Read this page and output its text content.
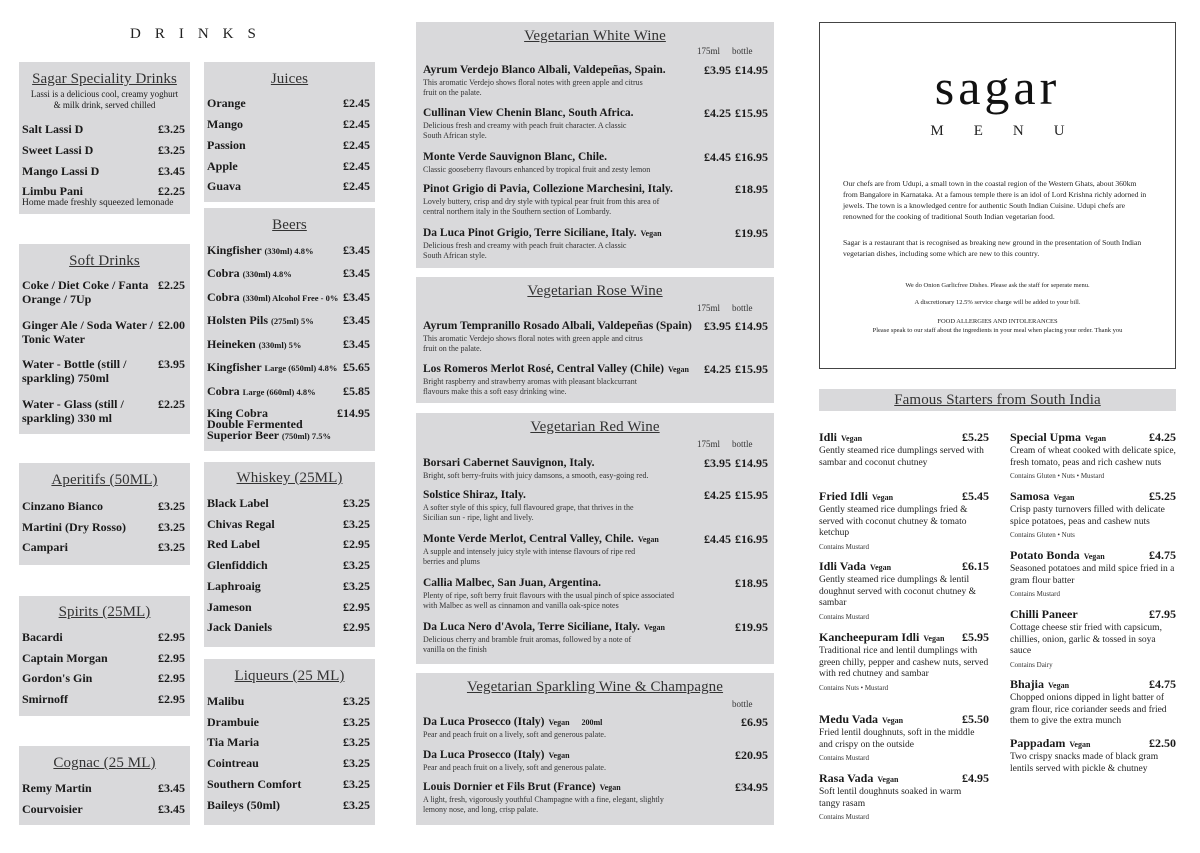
DRINKS
Sagar Speciality Drinks
Lassi is a delicious cool, creamy yoghurt & milk drink, served chilled
Salt Lassi D	£3.25
Sweet Lassi D	£3.25
Mango Lassi D	£3.45
Limbu Pani	£2.25
Home made freshly squeezed lemonade
Soft Drinks
Coke / Diet Coke / Fanta Orange / 7Up
£2.25
Ginger Ale / Soda Water / Tonic Water
£2.00
Water - Bottle (still / sparkling) 750ml
£3.95
Water - Glass (still / sparkling) 330 ml
£2.25
Aperitifs (50ML)
Cinzano Bianco	£3.25
Martini (Dry Rosso)	£3.25
Campari	£3.25
Spirits (25ML)
Bacardi	£2.95
Captain Morgan	£2.95
Gordon's Gin	£2.95
Smirnoff	£2.95
Cognac (25 ML)
Remy Martin	£3.45
Courvoisier	£3.45
Juices
Orange	£2.45
Mango	£2.45
Passion	£2.45
Apple	£2.45
Guava	£2.45
Beers
Kingfisher (330ml) 4.8% £3.45
Cobra (330ml) 4.8%	£3.45
Cobra (330ml) Alcohol Free - 0% £3.45
Holsten Pils (275ml) 5% £3.45
Heineken (330ml) 5%	£3.45
Kingfisher Large (650ml) 4.8% £5.65
Cobra Large (660ml) 4.8% £5.85
King Cobra
Double Fermented
Superior Beer (750ml) 7.5%
£14.95
Whiskey (25ML)
Black Label	£3.25
Chivas Regal	£3.25
Red Label	£2.95
Glenfiddich	£3.25
Laphroaig	£3.25
Jameson	£2.95
Jack Daniels	£2.95
Liqueurs (25 ML)
Malibu	£3.25
Drambuie	£3.25
Tia Maria	£3.25
Cointreau	£3.25
Southern Comfort	£3.25
Baileys (50ml)	£3.25
Vegetarian White Wine
175ml bottle
Ayrum Verdejo Blanco Albali, Valdepeñas, Spain.
This aromatic Verdejo shows floral notes with green apple and citrus fruit on the palate.
£3.95 £14.95
Cullinan View Chenin Blanc, South Africa.
Delicious fresh and creamy with peach fruit character. A classic South African style.
£4.25 £15.95
Monte Verde Sauvignon Blanc, Chile.
Classic gooseberry flavours enhanced by tropical fruit and zesty lemon
£4.45 £16.95
Pinot Grigio di Pavia, Collezione Marchesini, Italy.
Lovely buttery, crisp and dry style with typical pear fruit from this area of central northern italy in the Southern section of Lombardy.
£18.95
Da Luca Pinot Grigio, Terre Siciliane, Italy. Vegan
Delicious fresh and creamy with peach fruit character. A classic South African style.
£19.95
Vegetarian Rose Wine
175ml bottle
Ayrum Tempranillo Rosado Albali, Valdepeñas (Spain)
This aromatic Verdejo shows floral notes with green apple and citrus fruit on the palate.
£3.95 £14.95
Los Romeros Merlot Rosé, Central Valley (Chile) Vegan
Bright raspberry and strawberry aromas with pleasant blackcurrant flavours make this a soft easy drinking wine.
£4.25 £15.95
Vegetarian Red Wine
175ml bottle
Borsari Cabernet Sauvignon, Italy.
Bright, soft berry-fruits with juicy damsons, a smooth, easy-going red.
£3.95 £14.95
Solstice Shiraz, Italy.
A softer style of this spicy, full flavoured grape, that thrives in the Sicilian sun - ripe, light and lively.
£4.25 £15.95
Monte Verde Merlot, Central Valley, Chile. Vegan
A supple and intensely juicy style with intense flavours of ripe red berries and plums
£4.45 £16.95
Callia Malbec, San Juan, Argentina.
Plenty of ripe, soft berry fruit flavours with the usual pinch of spice associated with Malbec as well as cinnamon and vanilla oak-spice notes
£18.95
Da Luca Nero d'Avola, Terre Siciliane, Italy. Vegan
Delicious cherry and bramble fruit aromas, followed by a note of vanilla on the finish
£19.95
Vegetarian Sparkling Wine & Champagne
bottle
Da Luca Prosecco (Italy) Vegan 200ml
Pear and peach fruit on a lively, soft and generous palate.
£6.95
Da Luca Prosecco (Italy) Vegan
Pear and peach fruit on a lively, soft and generous palate.
£20.95
Louis Dornier et Fils Brut (France) Vegan
A light, fresh, vigorously youthful Champagne with a fine, elegant, slightly lemony nose, and long, crisp palate.
£34.95
sagar
MENU
Our chefs are from Udupi, a small town in the coastal region of the Western Ghats, about 360km from Bangalore in Karnataka. At a famous temple there is an idol of Lord Krishna richly adorned in jewels. The town is a knowledged centre for authentic South Indian Cuisine. Udupi chefs are renowned for the cooking of traditional South Indian vegetarian food.
Sagar is a restaurant that is recognised as breaking new ground in the presentation of South Indian vegetarian dishes, including some which are new to this country.
We do Onion Garlicfree Dishes. Please ask the staff for seperate menu.
A discretionary 12.5% service charge will be added to your bill.
FOOD ALLERGIES AND INTOLERANCES
Please speak to our staff about the ingredients in your meal when placing your order. Thank you
Famous Starters from South India
Idli Vegan	£5.25
Gently steamed rice dumplings served with sambar and coconut chutney
Fried Idli Vegan	£5.45
Gently steamed rice dumplings fried & served with coconut chutney & tomato ketchup
Contains Mustard
Idli Vada Vegan	£6.15
Gently steamed rice dumplings & lentil doughnut served with coconut chutney & sambar
Contains Mustard
Kancheepuram Idli Vegan £5.95
Traditional rice and lentil dumplings with green chilly, pepper and cashew nuts, served with red chutney and sambar
Contains Nuts • Mustard
Medu Vada Vegan	£5.50
Fried lentil doughnuts, soft in the middle and crispy on the outside
Contains Mustard
Rasa Vada Vegan	£4.95
Soft lentil doughnuts soaked in warm tangy rasam
Contains Mustard
Special Upma Vegan	£4.25
Cream of wheat cooked with delicate spice, fresh tomato, peas and rich cashew nuts
Contains Gluten • Nuts • Mustard
Samosa Vegan	£5.25
Crisp pasty turnovers filled with delicate spice potatoes, peas and cashew nuts
Contains Gluten • Nuts
Potato Bonda Vegan	£4.75
Seasoned potatoes and mild spice fried in a gram flour batter
Contains Mustard
Chilli Paneer	£7.95
Cottage cheese stir fried with capsicum, chillies, onion, garlic & tossed in soya sauce
Contains Dairy
Bhajia Vegan	£4.75
Chopped onions dipped in light batter of gram flour, rice coriander seeds and fried them to give the extra munch
Pappadam Vegan	£2.50
Two crispy snacks made of black gram lentils served with pickle & chutney
